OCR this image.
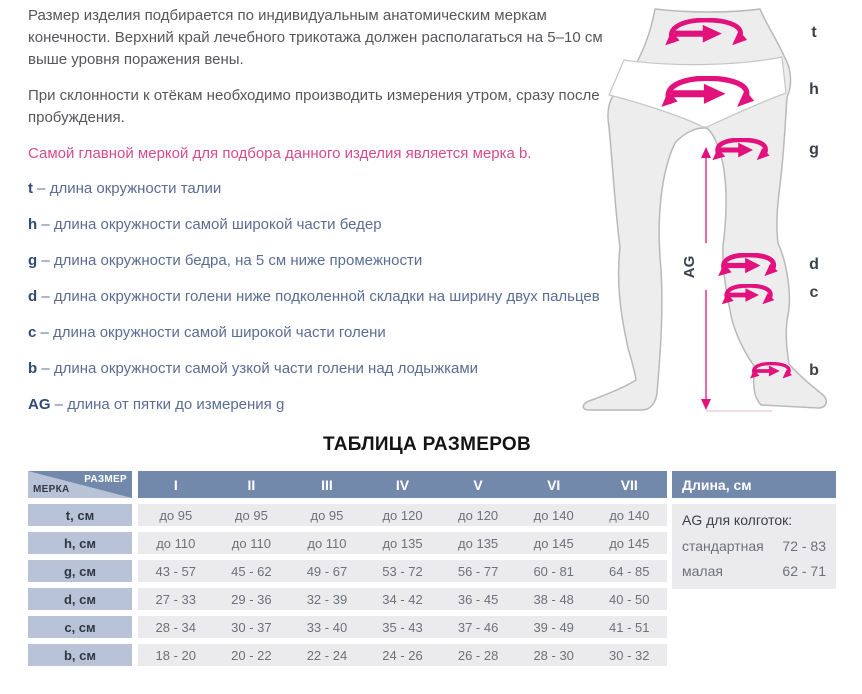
Размер изделия подбирается по индивидуальным анатомическим меркам конечности. Верхний край лечебного трикотажа должен располагаться на 5–10 см выше уровня поражения вены.

При склонности к отёкам необходимо производить измерения утром, сразу после пробуждения.

Самой главной меркой для подбора данного изделия является мерка b.

t – длина окружности талии
h – длина окружности самой широкой части бедер
g – длина окружности бедра, на 5 см ниже промежности
d – длина окружности голени ниже подколенной складки на ширину двух пальцев
c – длина окружности самой широкой части голени
b – длина окружности самой узкой части голени над лодыжками
AG – длина от пятки до измерения g
AG
t
h
g
d
c
b
ТАБЛИЦА РАЗМЕРОВ
РАЗМЕР
МЕРКА	I	II	III	IV	V	VI	VII
t, см	до 95	до 95	до 95	до 120	до 120	до 140	до 140
h, см	до 110	до 110	до 110	до 135	до 135	до 145	до 145
g, см	43 - 57	45 - 62	49 - 67	53 - 72	56 - 77	60 - 81	64 - 85
d, см	27 - 33	29 - 36	32 - 39	34 - 42	36 - 45	38 - 48	40 - 50
c, см	28 - 34	30 - 37	33 - 40	35 - 43	37 - 46	39 - 49	41 - 51
b, см	18 - 20	20 - 22	22 - 24	24 - 26	26 - 28	28 - 30	30 - 32
Длина, см
AG для колготок:
стандартная 72 - 83
малая	62 - 71
